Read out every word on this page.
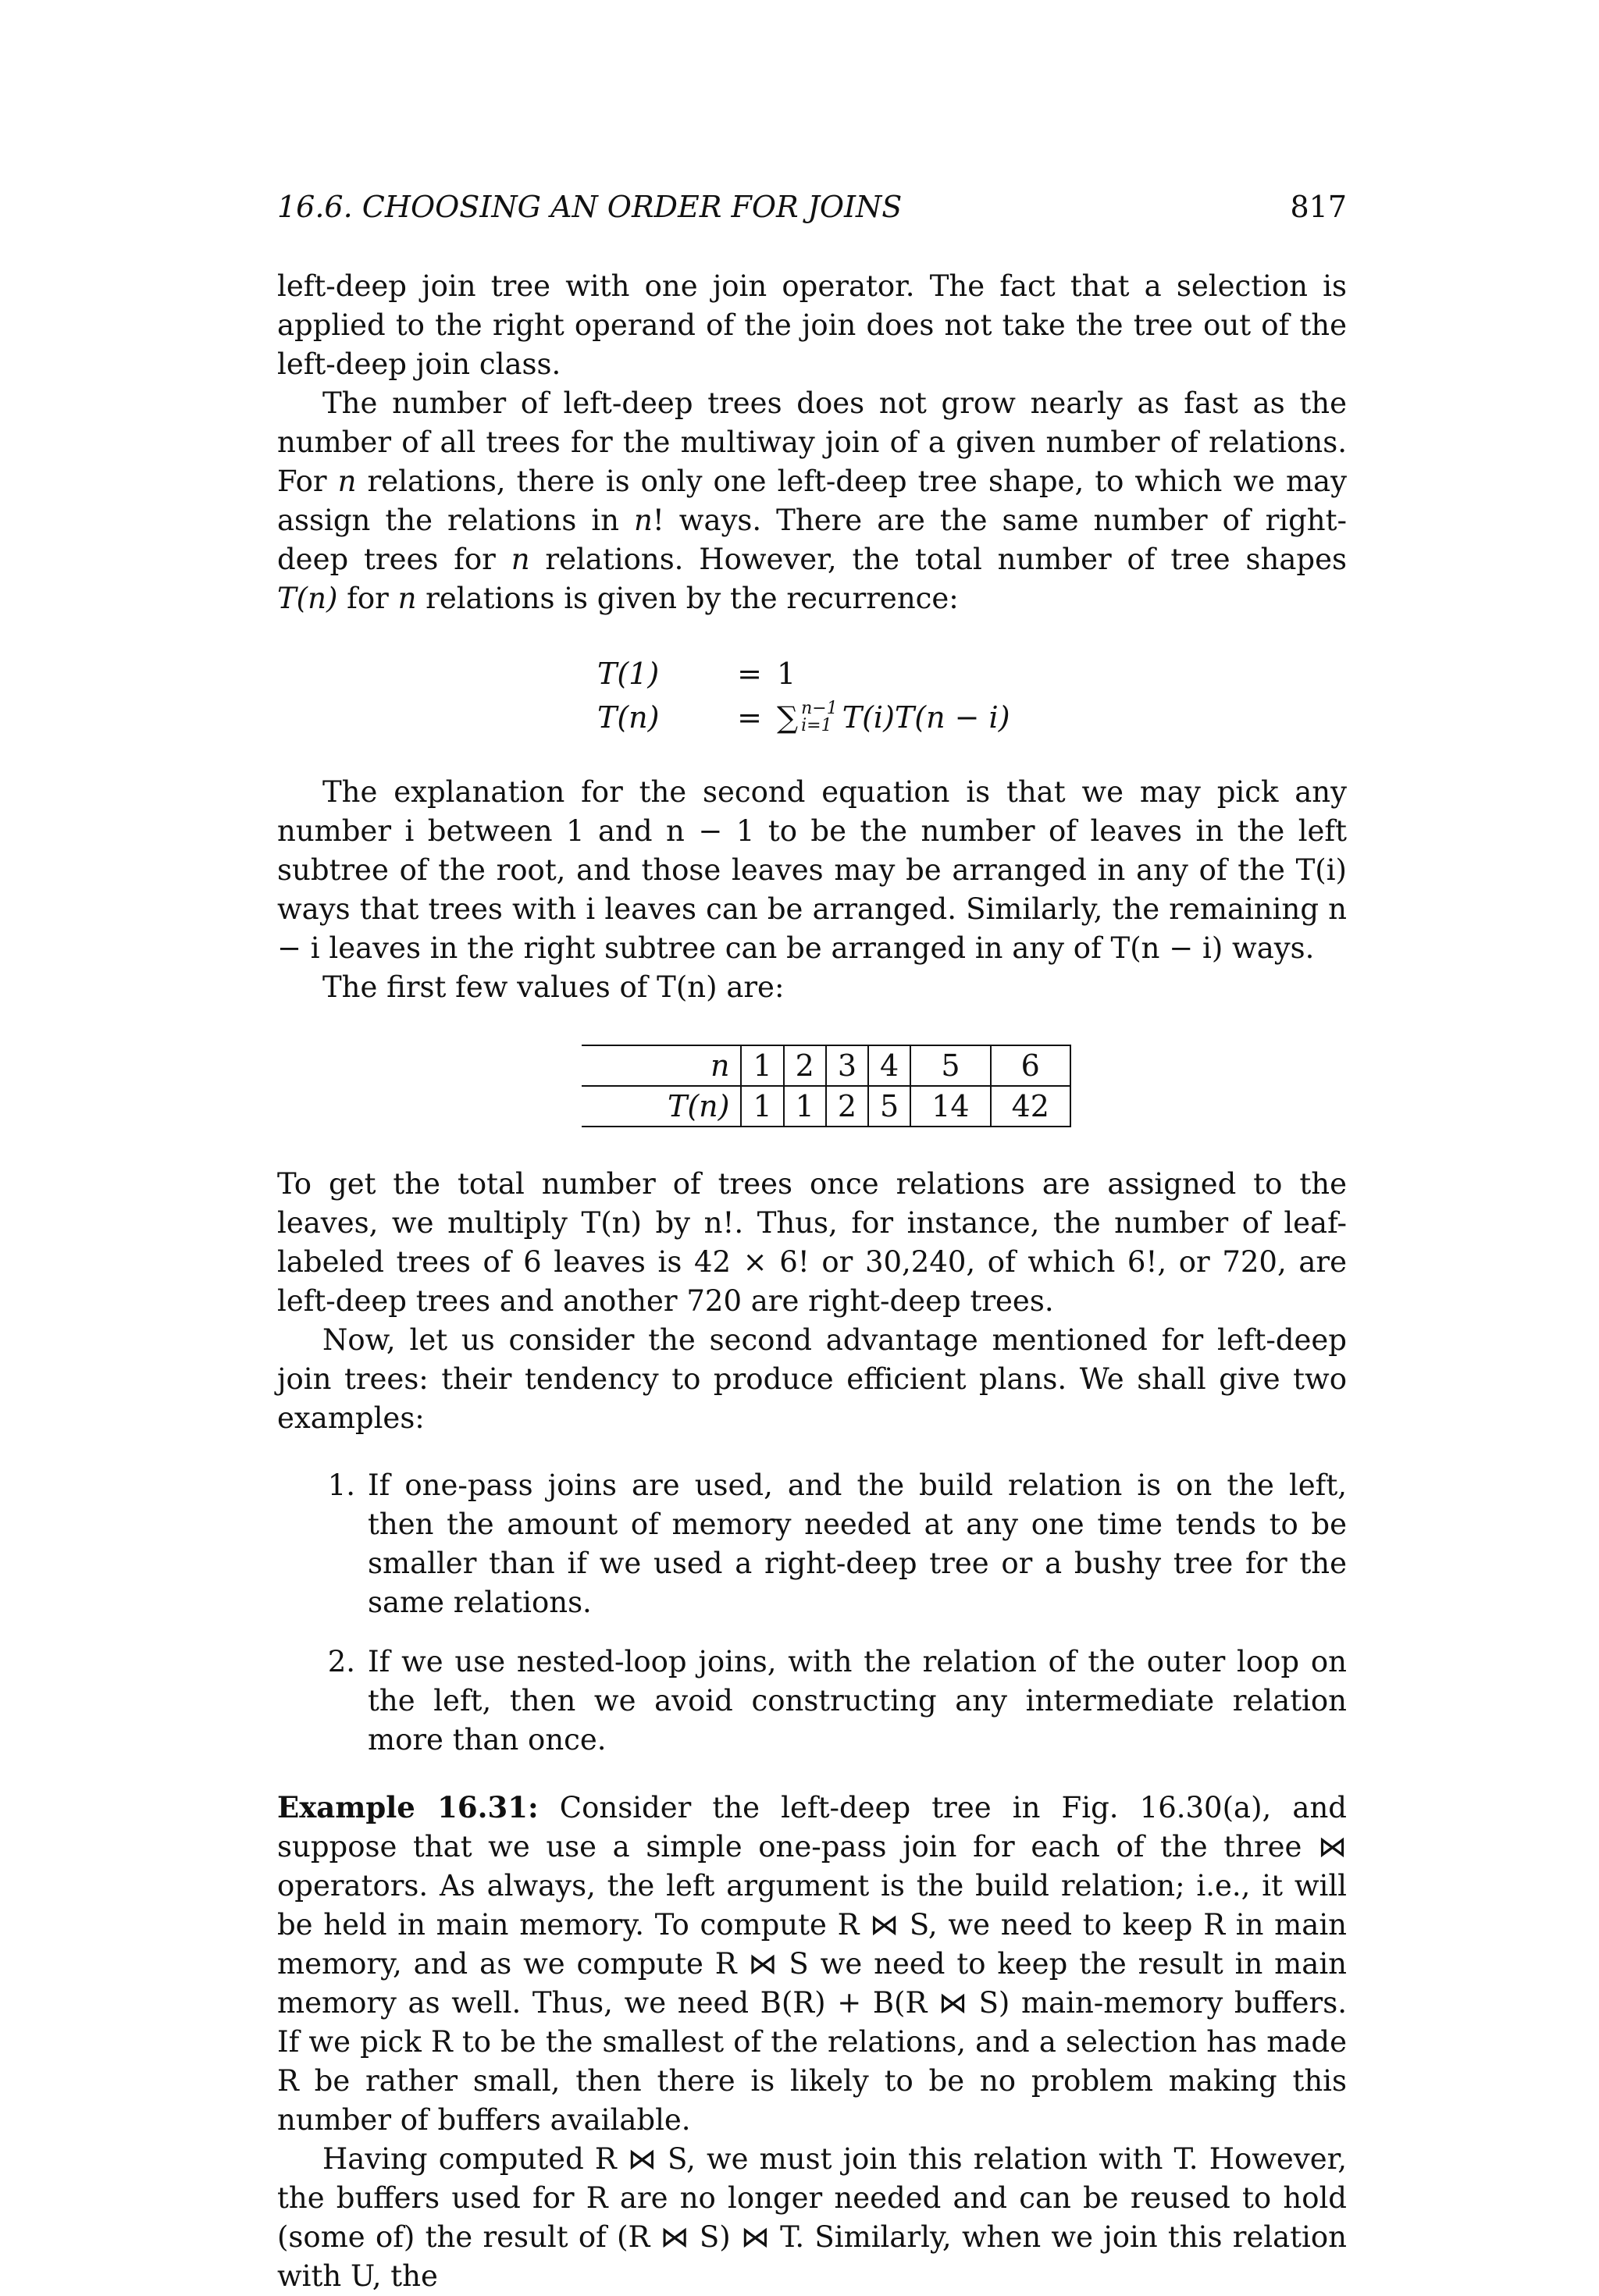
16.6. CHOOSING AN ORDER FOR JOINS	817

left-deep join tree with one join operator. The fact that a selection is applied to the right operand of the join does not take the tree out of the left-deep join class.

The number of left-deep trees does not grow nearly as fast as the number of all trees for the multiway join of a given number of relations. For n relations, there is only one left-deep tree shape, to which we may assign the relations in n! ways. There are the same number of right-deep trees for n relations. However, the total number of tree shapes T(n) for n relations is given by the recurrence:

T(1)	= 1
T(n)	= ∑ n−1
i=1 T(i)T(n − i)

The explanation for the second equation is that we may pick any number i between 1 and n − 1 to be the number of leaves in the left subtree of the root, and those leaves may be arranged in any of the T(i) ways that trees with i leaves can be arranged. Similarly, the remaining n − i leaves in the right subtree can be arranged in any of T(n − i) ways.

The first few values of T(n) are:

n	1	2	3	4	5	6
T(n)	1	1	2	5	14	42

To get the total number of trees once relations are assigned to the leaves, we multiply T(n) by n!. Thus, for instance, the number of leaf-labeled trees of 6 leaves is 42 × 6! or 30,240, of which 6!, or 720, are left-deep trees and another 720 are right-deep trees.

Now, let us consider the second advantage mentioned for left-deep join trees: their tendency to produce efficient plans. We shall give two examples:

1. If one-pass joins are used, and the build relation is on the left, then the amount of memory needed at any one time tends to be smaller than if we used a right-deep tree or a bushy tree for the same relations.
2. If we use nested-loop joins, with the relation of the outer loop on the left, then we avoid constructing any intermediate relation more than once.

Example 16.31: Consider the left-deep tree in Fig. 16.30(a), and suppose that we use a simple one-pass join for each of the three ⋈ operators. As always, the left argument is the build relation; i.e., it will be held in main memory. To compute R ⋈ S, we need to keep R in main memory, and as we compute R ⋈ S we need to keep the result in main memory as well. Thus, we need B(R) + B(R ⋈ S) main-memory buffers. If we pick R to be the smallest of the relations, and a selection has made R be rather small, then there is likely to be no problem making this number of buffers available.

Having computed R ⋈ S, we must join this relation with T. However, the buffers used for R are no longer needed and can be reused to hold (some of) the result of (R ⋈ S) ⋈ T. Similarly, when we join this relation with U, the
